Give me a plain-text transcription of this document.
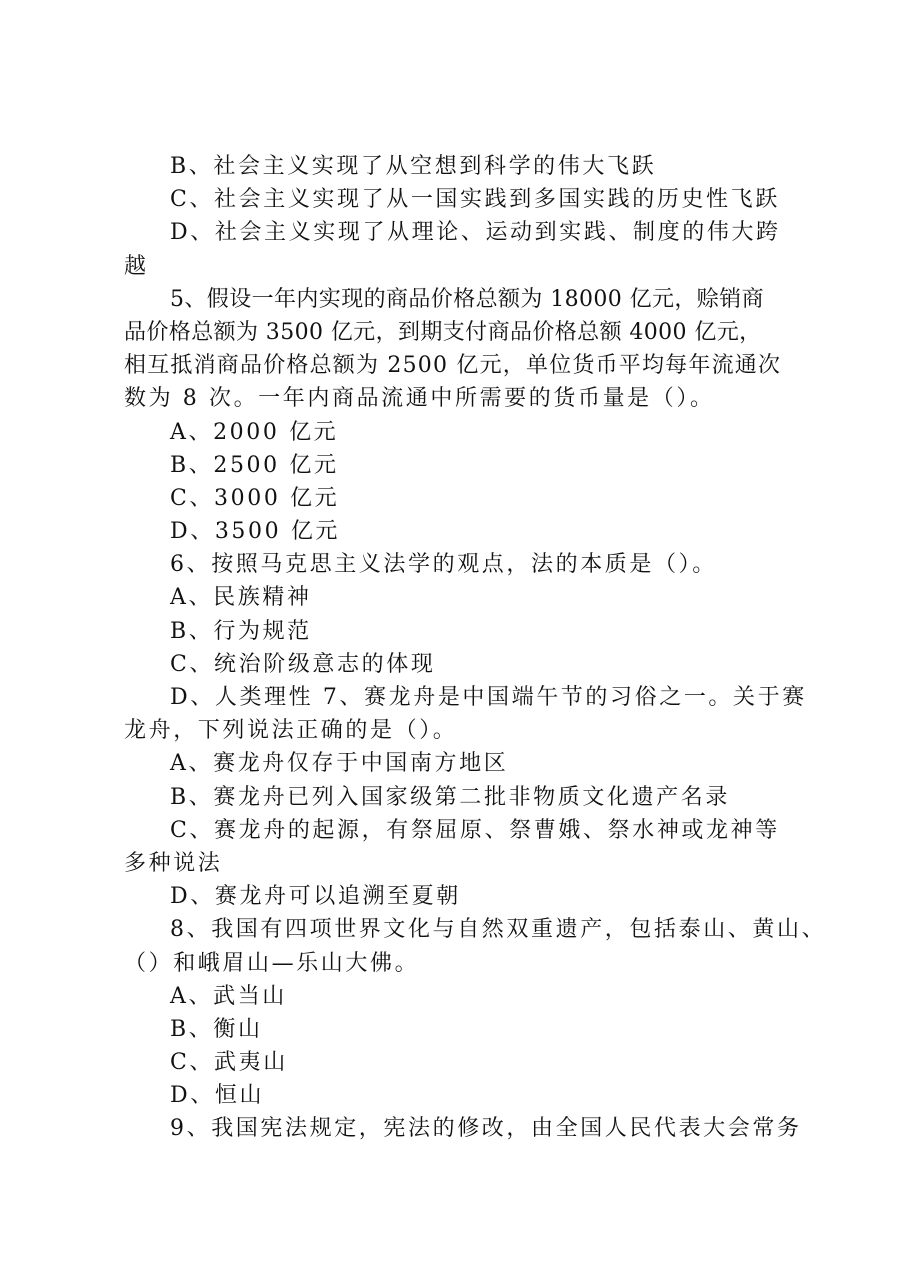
B、社会主义实现了从空想到科学的伟大飞跃
C、社会主义实现了从一国实践到多国实践的历史性飞跃
D、社会主义实现了从理论、运动到实践、制度的伟大跨
越
5、假设一年内实现的商品价格总额为 18000 亿元，赊销商
品价格总额为 3500 亿元，到期支付商品价格总额 4000 亿元，
相互抵消商品价格总额为 2500 亿元，单位货币平均每年流通次
数为 8 次。一年内商品流通中所需要的货币量是（）。
A、2000 亿元
B、2500 亿元
C、3000 亿元
D、3500 亿元
6、按照马克思主义法学的观点，法的本质是（）。
A、民族精神
B、行为规范
C、统治阶级意志的体现
D、人类理性 7、赛龙舟是中国端午节的习俗之一。关于赛
龙舟，下列说法正确的是（）。
A、赛龙舟仅存于中国南方地区
B、赛龙舟已列入国家级第二批非物质文化遗产名录
C、赛龙舟的起源，有祭屈原、祭曹娥、祭水神或龙神等
多种说法
D、赛龙舟可以追溯至夏朝
8、我国有四项世界文化与自然双重遗产，包括泰山、黄山、
（）和峨眉山—乐山大佛。
A、武当山
B、衡山
C、武夷山
D、恒山
9、我国宪法规定，宪法的修改，由全国人民代表大会常务
